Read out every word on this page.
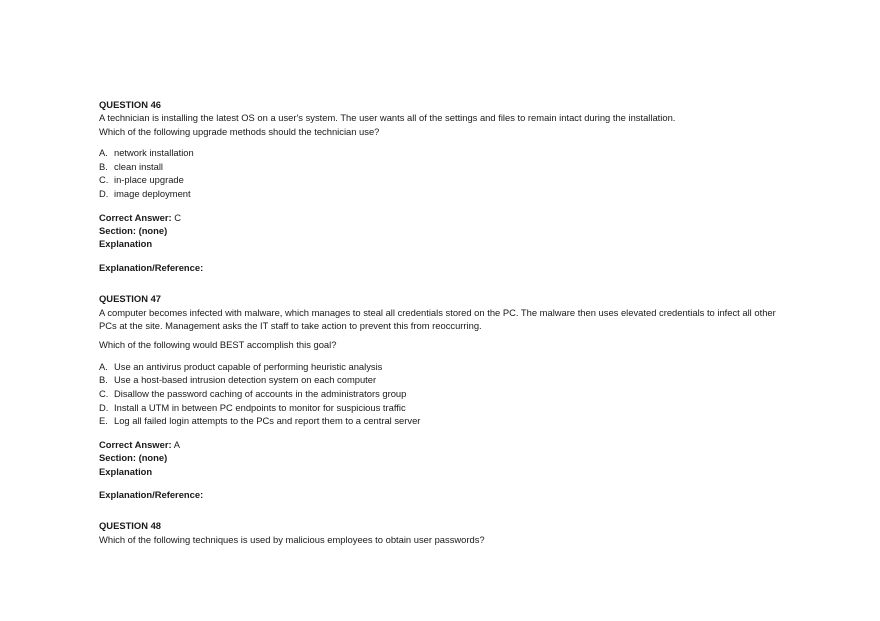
QUESTION 46

A technician is installing the latest OS on a user's system. The user wants all of the settings and files to remain intact during the installation.

Which of the following upgrade methods should the technician use?

A. network installation
B. clean install
C. in-place upgrade
D. image deployment

Correct Answer: C

Section: (none)

Explanation

Explanation/Reference:

QUESTION 47

A computer becomes infected with malware, which manages to steal all credentials stored on the PC. The malware then uses elevated credentials to infect all other PCs at the site. Management asks the IT staff to take action to prevent this from reoccurring.

Which of the following would BEST accomplish this goal?

A. Use an antivirus product capable of performing heuristic analysis
B. Use a host-based intrusion detection system on each computer
C. Disallow the password caching of accounts in the administrators group
D. Install a UTM in between PC endpoints to monitor for suspicious traffic
E. Log all failed login attempts to the PCs and report them to a central server

Correct Answer: A

Section: (none)

Explanation

Explanation/Reference:

QUESTION 48

Which of the following techniques is used by malicious employees to obtain user passwords?
